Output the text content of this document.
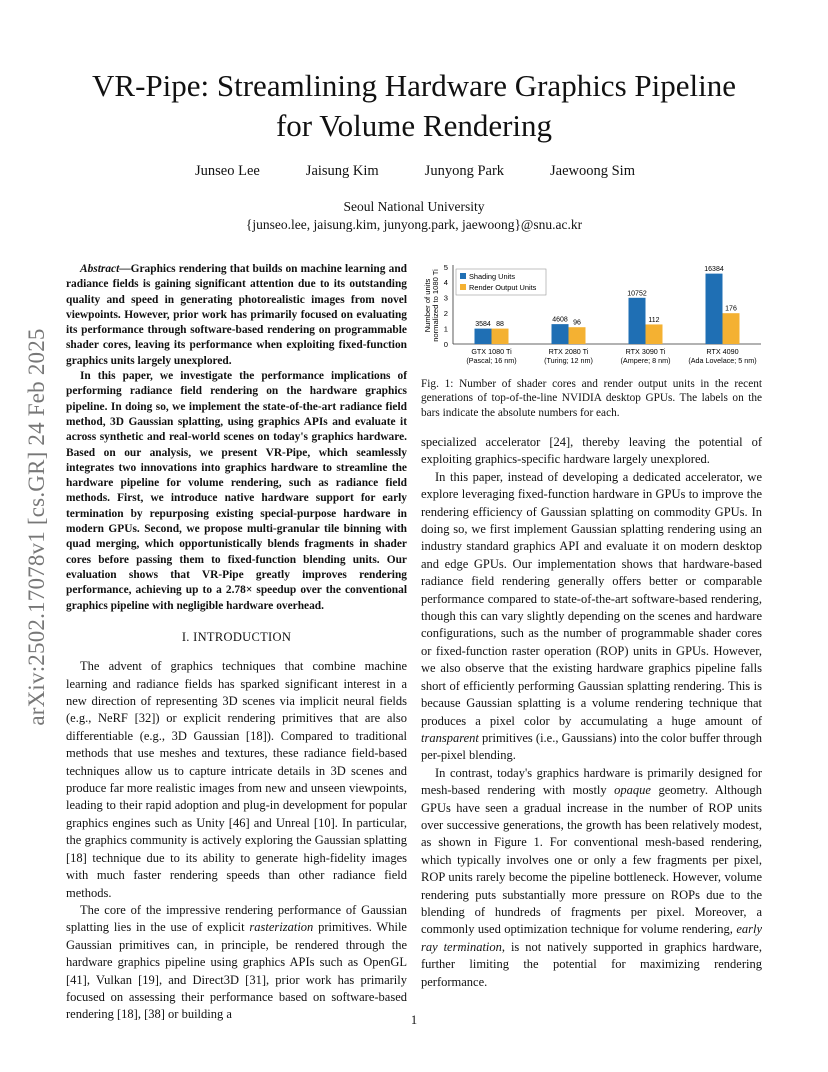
arXiv:2502.17078v1 [cs.GR] 24 Feb 2025
VR-Pipe: Streamlining Hardware Graphics Pipeline
for Volume Rendering
Junseo Lee	Jaisung Kim	Junyong Park	Jaewoong Sim
Seoul National University
{junseo.lee, jaisung.kim, junyong.park, jaewoong}@snu.ac.kr

Abstract—Graphics rendering that builds on machine learning and radiance fields is gaining significant attention due to its outstanding quality and speed in generating photorealistic images from novel viewpoints. However, prior work has primarily focused on evaluating its performance through software-based rendering on programmable shader cores, leaving its performance when exploiting fixed-function graphics units largely unexplored.

In this paper, we investigate the performance implications of performing radiance field rendering on the hardware graphics pipeline. In doing so, we implement the state-of-the-art radiance field method, 3D Gaussian splatting, using graphics APIs and evaluate it across synthetic and real-world scenes on today's graphics hardware. Based on our analysis, we present VR-Pipe, which seamlessly integrates two innovations into graphics hardware to streamline the hardware pipeline for volume rendering, such as radiance field methods. First, we introduce native hardware support for early termination by repurposing existing special-purpose hardware in modern GPUs. Second, we propose multi-granular tile binning with quad merging, which opportunistically blends fragments in shader cores before passing them to fixed-function blending units. Our evaluation shows that VR-Pipe greatly improves rendering performance, achieving up to a 2.78× speedup over the conventional graphics pipeline with negligible hardware overhead.

I. INTRODUCTION

The advent of graphics techniques that combine machine learning and radiance fields has sparked significant interest in a new direction of representing 3D scenes via implicit neural fields (e.g., NeRF [32]) or explicit rendering primitives that are also differentiable (e.g., 3D Gaussian [18]). Compared to traditional methods that use meshes and textures, these radiance field-based techniques allow us to capture intricate details in 3D scenes and produce far more realistic images from new and unseen viewpoints, leading to their rapid adoption and plug-in development for popular graphics engines such as Unity [46] and Unreal [10]. In particular, the graphics community is actively exploring the Gaussian splatting [18] technique due to its ability to generate high-fidelity images with much faster rendering speeds than other radiance field methods.

The core of the impressive rendering performance of Gaussian splatting lies in the use of explicit rasterization primitives. While Gaussian primitives can, in principle, be rendered through the hardware graphics pipeline using graphics APIs such as OpenGL [41], Vulkan [19], and Direct3D [31], prior work has primarily focused on assessing their performance based on software-based rendering [18], [38] or building a

Number of units normalized to 1080 Ti
0
1
2
3
4
5
3584 88
GTX 1080 Ti
(Pascal; 16 nm)
4608 96
RTX 2080 Ti
(Turing; 12 nm)
10752
112
RTX 3090 Ti
(Ampere; 8 nm)
16384
176
RTX 4090
(Ada Lovelace; 5 nm)
Shading Units
Render Output Units
Fig. 1: Number of shader cores and render output units in the recent generations of top-of-the-line NVIDIA desktop GPUs. The labels on the bars indicate the absolute numbers for each.

specialized accelerator [24], thereby leaving the potential of exploiting graphics-specific hardware largely unexplored.

In this paper, instead of developing a dedicated accelerator, we explore leveraging fixed-function hardware in GPUs to improve the rendering efficiency of Gaussian splatting on commodity GPUs. In doing so, we first implement Gaussian splatting rendering using an industry standard graphics API and evaluate it on modern desktop and edge GPUs. Our implementation shows that hardware-based radiance field rendering generally offers better or comparable performance compared to state-of-the-art software-based rendering, though this can vary slightly depending on the scenes and hardware configurations, such as the number of programmable shader cores or fixed-function raster operation (ROP) units in GPUs. However, we also observe that the existing hardware graphics pipeline falls short of efficiently performing Gaussian splatting rendering. This is because Gaussian splatting is a volume rendering technique that produces a pixel color by accumulating a huge amount of transparent primitives (i.e., Gaussians) into the color buffer through per-pixel blending.

In contrast, today's graphics hardware is primarily designed for mesh-based rendering with mostly opaque geometry. Although GPUs have seen a gradual increase in the number of ROP units over successive generations, the growth has been relatively modest, as shown in Figure 1. For conventional mesh-based rendering, which typically involves one or only a few fragments per pixel, ROP units rarely become the pipeline bottleneck. However, volume rendering puts substantially more pressure on ROPs due to the blending of hundreds of fragments per pixel. Moreover, a commonly used optimization technique for volume rendering, early ray termination, is not natively supported in graphics hardware, further limiting the potential for maximizing rendering performance.

1
